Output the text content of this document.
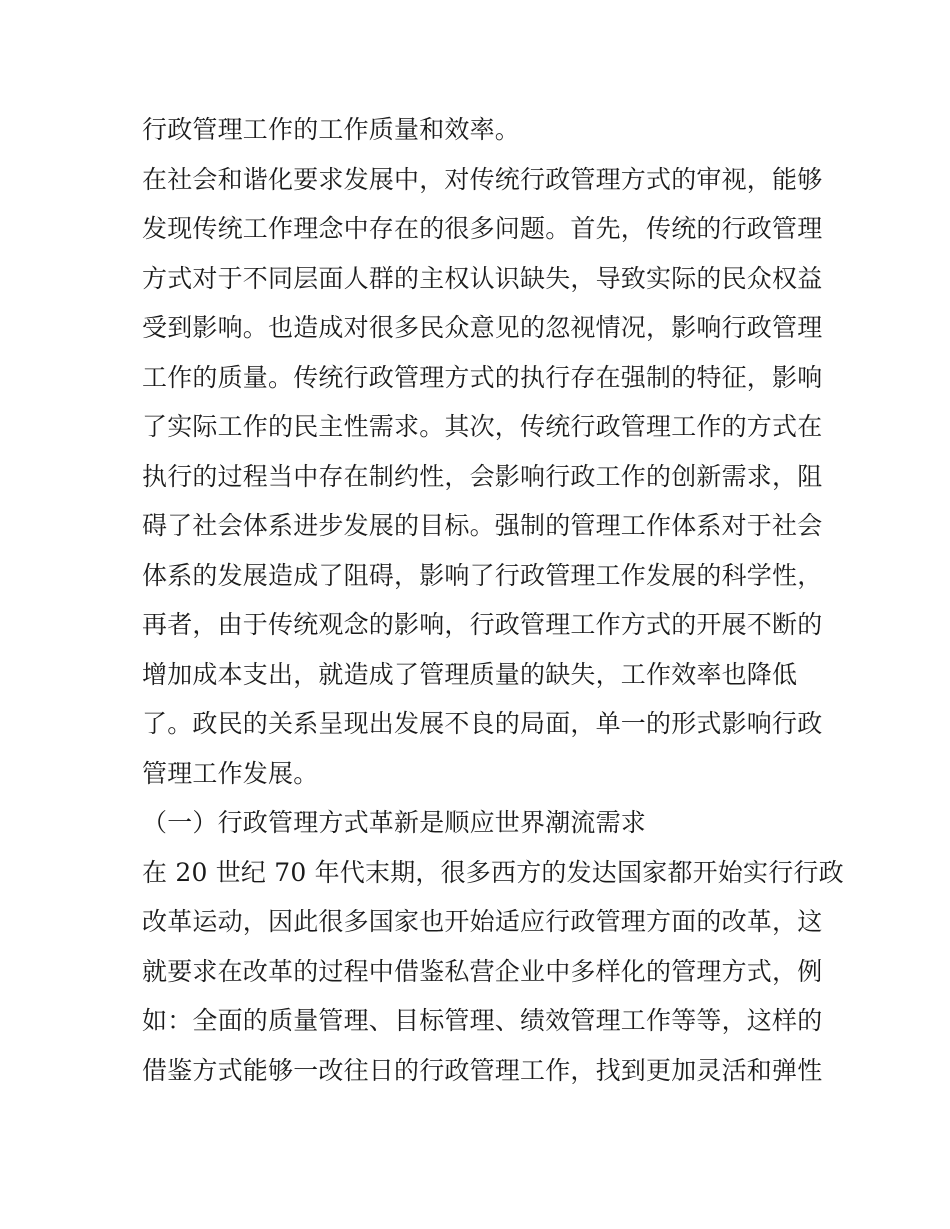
行政管理工作的工作质量和效率。
在社会和谐化要求发展中，对传统行政管理方式的审视，能够
发现传统工作理念中存在的很多问题。首先，传统的行政管理
方式对于不同层面人群的主权认识缺失，导致实际的民众权益
受到影响。也造成对很多民众意见的忽视情况，影响行政管理
工作的质量。传统行政管理方式的执行存在强制的特征，影响
了实际工作的民主性需求。其次，传统行政管理工作的方式在
执行的过程当中存在制约性，会影响行政工作的创新需求，阻
碍了社会体系进步发展的目标。强制的管理工作体系对于社会
体系的发展造成了阻碍，影响了行政管理工作发展的科学性，
再者，由于传统观念的影响，行政管理工作方式的开展不断的
增加成本支出，就造成了管理质量的缺失，工作效率也降低
了。政民的关系呈现出发展不良的局面，单一的形式影响行政
管理工作发展。
（一）行政管理方式革新是顺应世界潮流需求
在 20 世纪 70 年代末期，很多西方的发达国家都开始实行行政
改革运动，因此很多国家也开始适应行政管理方面的改革，这
就要求在改革的过程中借鉴私营企业中多样化的管理方式，例
如：全面的质量管理、目标管理、绩效管理工作等等，这样的
借鉴方式能够一改往日的行政管理工作，找到更加灵活和弹性
